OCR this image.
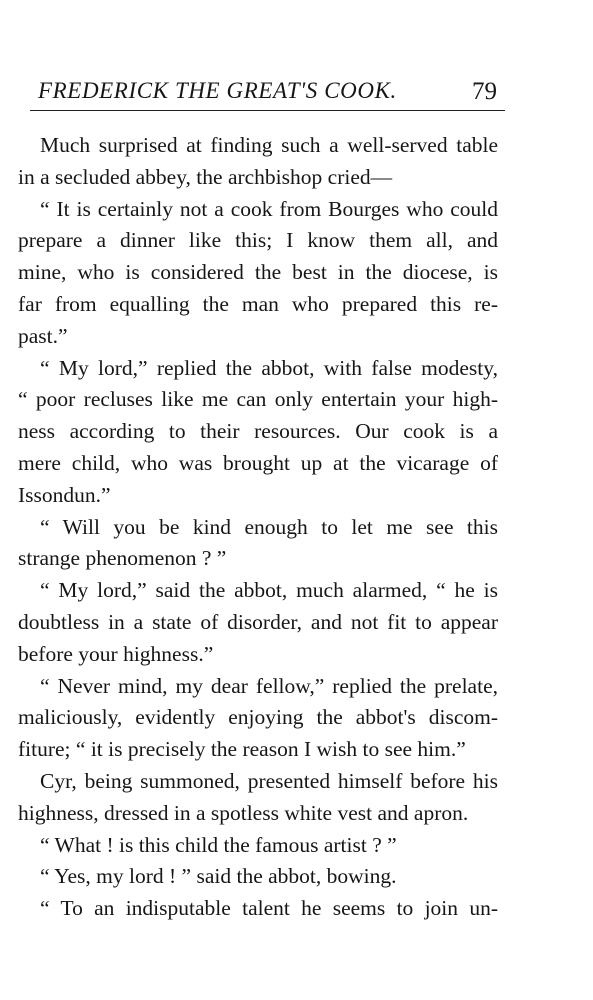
FREDERICK THE GREAT'S COOK.	79
Much surprised at finding such a well-served table
in a secluded abbey, the archbishop cried—
“ It is certainly not a cook from Bourges who could
prepare a dinner like this; I know them all, and
mine, who is considered the best in the diocese, is
far from equalling the man who prepared this re-
past.”
“ My lord,” replied the abbot, with false modesty,
“ poor recluses like me can only entertain your high-
ness according to their resources. Our cook is a
mere child, who was brought up at the vicarage of
Issondun.”
“ Will you be kind enough to let me see this
strange phenomenon ? ”
“ My lord,” said the abbot, much alarmed, “ he is
doubtless in a state of disorder, and not fit to appear
before your highness.”
“ Never mind, my dear fellow,” replied the prelate,
maliciously, evidently enjoying the abbot's discom-
fiture; “ it is precisely the reason I wish to see him.”
Cyr, being summoned, presented himself before his
highness, dressed in a spotless white vest and apron.
“ What ! is this child the famous artist ? ”
“ Yes, my lord ! ” said the abbot, bowing.
“ To an indisputable talent he seems to join un-
